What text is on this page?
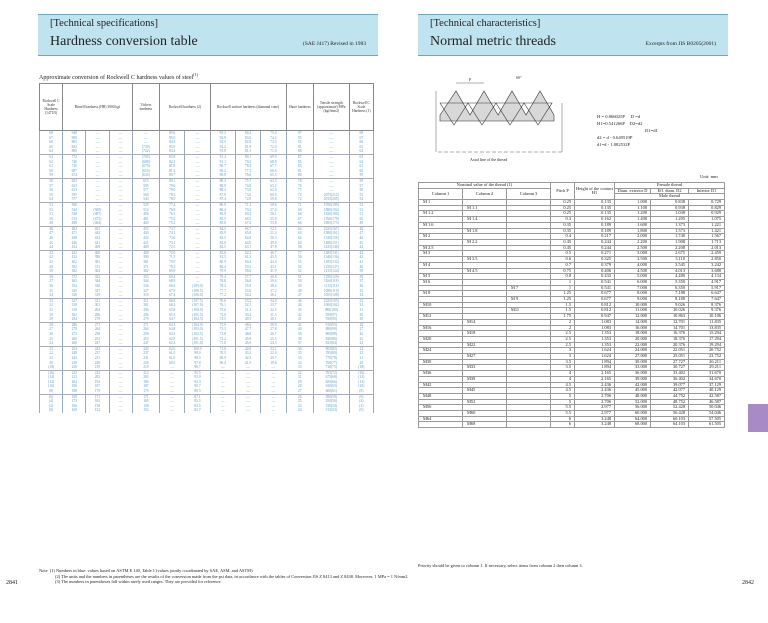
[Technical specifications]
Hardness conversion table	(SAE J417) Revised in 1983
Approximate conversion of Rockwell C hardness values of steel$^{(1)}$
Rockwell C Scale Hardness (1471N)	Brinell hardness (HB) 3000 kgf			Vickers hardness	Rockwell hardness (2)		Rockwell surface hardness (diamond cone)			Shore hardness	Tensile strength (approximate) MPa (kgf/mm2)	Rockwell C Scale Hardness (1)
68	940	—	—	—	85.6	—	93.2	84.4	75.4	97	—	68
67	900	—	—	—	85.0	—	92.9	83.6	74.2	95	—	67
66	865	—	—	—	84.5	—	92.5	82.8	73.3	92	—	66
65	832	—	—	(739)	83.9	—	92.2	81.9	72.0	91	—	65
64	800	—	—	(722)	83.4	—	91.8	81.1	71.0	88	—	64
63	772	—	—	(705)	82.8	—	91.4	80.1	69.9	87	—	63
62	746	—	—	(688)	82.3	—	91.1	79.3	68.8	85	—	62
61	720	—	—	(670)	81.8	—	90.7	78.4	67.7	83	—	61
60	697	—	—	(654)	81.2	—	90.2	77.5	66.6	81	—	60
59	674	—	—	(634)	80.7	—	89.8	76.6	65.5	80	—	59
58	653	—	—	615	80.1	—	89.3	75.7	64.3	78	—	58
57	633	—	—	595	79.6	—	88.9	74.8	63.2	76	—	57
56	613	—	—	577	79.0	—	88.3	73.9	62.0	75	—	56
55	595	—	—	560	78.5	—	87.9	73.0	60.9	74	2075(212)	55
54	577	—	—	543	78.0	—	87.4	72.0	59.8	72	2015(205)	54
53	560	—	—	525	77.4	—	86.9	71.2	58.6	71	1950(199)	53
52	544	(500)	—	512	76.8	—	86.4	70.2	57.4	69	1880(192)	52
51	528	(487)	—	496	76.3	—	85.9	69.4	56.1	68	1820(186)	51
50	513	(475)	—	481	75.9	—	85.5	68.5	55.0	67	1760(179)	50
49	498	(464)	—	469	75.2	—	85.0	67.6	53.8	66	1695(173)	49
48	484	451	—	455	74.7	—	84.5	66.7	52.5	64	1635(167)	48
47	471	442	—	443	74.1	—	83.9	65.8	51.4	63	1580(161)	47
46	458	432	—	432	73.6	—	83.5	64.8	50.3	62	1530(156)	46
45	446	421	—	421	73.1	—	83.0	64.0	49.0	60	1480(151)	45
44	434	409	—	409	72.5	—	82.5	63.1	47.8	58	1435(146)	44
43	423	400	—	400	72.0	—	82.0	62.2	46.7	57	1385(141)	43
42	412	390	—	390	71.5	—	81.5	61.3	45.5	56	1340(136)	42
41	402	381	—	381	70.9	—	80.9	60.4	44.3	55	1295(132)	41
40	392	371	—	371	70.4	—	80.4	59.5	43.1	54	1250(127)	40
39	382	362	—	362	69.9	—	79.9	58.6	41.9	52	1215(124)	39
38	372	353	—	353	69.4	—	79.4	57.7	40.8	51	1180(120)	38
37	363	344	—	344	68.9	—	78.8	56.8	39.6	50	1160(118)	37
36	354	336	—	336	68.4	(109.0)	78.3	55.9	38.4	49	1115(114)	36
35	345	327	—	327	67.9	(108.5)	77.7	55.0	37.2	48	1080(110)	35
34	336	319	—	319	67.4	(108.0)	77.2	54.2	36.1	47	1055(108)	34
33	327	311	—	311	66.8	(107.5)	76.6	53.3	34.9	46	1025(105)	33
32	318	301	—	301	66.3	(107.0)	76.1	52.1	33.7	44	1000(102)	32
31	310	294	—	294	65.8	(106.0)	75.6	51.3	32.5	43	980(100)	31
30	302	286	—	286	65.3	(105.5)	75.0	50.4	31.3	42	950(97)	30
29	294	279	—	279	64.7	(104.5)	74.5	49.5	30.1	41	930(95)	29
28	286	271	—	271	64.3	(104.0)	73.9	48.6	28.9	41	910(93)	28
27	279	264	—	264	63.8	(103.0)	73.3	47.7	27.8	40	880(90)	27
26	272	258	—	258	63.3	(102.5)	72.8	46.8	26.7	38	860(88)	26
25	266	253	—	253	62.8	(101.5)	72.2	45.9	25.5	38	840(86)	25
24	260	247	—	247	62.4	(101.0)	71.6	45.0	24.3	37	825(84)	24
23	254	243	—	243	62.0	100.0	71.0	44.0	23.1	36	805(82)	23
22	248	237	—	237	61.5	99.0	70.5	43.2	22.0	35	785(80)	22
21	243	231	—	231	61.0	98.5	69.9	42.3	20.7	35	770(79)	21
20	238	226	—	226	60.5	97.8	69.4	41.5	19.6	34	760(77)	20
(18)	230	219	—	219	—	96.7	—	—	—	33	730(75)	(18)
(16)	222	212	—	212	—	95.5	—	—	—	32	705(72)	(16)
(14)	213	203	—	203	—	93.9	—	—	—	31	675(69)	(14)
(12)	204	194	—	194	—	92.3	—	—	—	29	650(66)	(12)
(10)	196	187	—	187	—	90.7	—	—	—	28	620(63)	(10)
(8)	188	179	—	179	—	89.5	—	—	—	27	600(61)	(8)
(6)	180	171	—	171	—	87.1	—	—	—	26	580(59)	(6)
(4)	173	165	—	165	—	85.5	—	—	—	25	550(56)	(4)
(2)	166	158	—	158	—	83.5	—	—	—	24	530(54)	(2)
(0)	160	152	—	152	—	81.7	—	—	—	24	515(53)	(0)
Note (1) Numbers in blue: values based on ASTM E 140, Table 1 (values jointly coordinated by SAE, ASM, and ASTM)
(2) The units and the numbers in parentheses are the results of the conversion made from the psi data, in accordance with the tables of Conversion JIS Z 8413 and Z 8438. Moreover, 1 MPa = 1 N/mm2.
(3) The numbers in parentheses fall within rarely used ranges. They are provided for reference.
2841
[Technical characteristics]
Normal metric threads	Excerpts from JIS B0205(2001)
P	60°
Axial line of the thread
H = 0.866025P D =d
H1=0.541266P D2=d2
D1=d1
d2 = d - 0.649519P
d1=d - 1.082532P
Unit: mm
Nominal value of the thread (1)			Pitch P	Height of the contact H1	Female thread		
Column 1	Column 2	Column 3			Diam. exterior D	Eff. diam. D2	Interior D1
					Male thread		
M 1			0.25	0.135	1.000	0.838	0.729
	M 1.1		0.25	0.135	1.100	0.938	0.829
M 1.2			0.25	0.135	1.200	1.038	0.929
	M 1.4		0.3	0.162	1.400	1.205	1.075
M 1.6			0.35	0.189	1.600	1.373	1.221
	M 1.8		0.35	0.189	1.800	1.573	1.421
M 2			0.4	0.217	2.000	1.740	1.567
	M 2.2		0.45	0.244	2.200	1.908	1.713
M 2.5			0.45	0.244	2.500	2.208	2.013
M 3			0.5	0.271	3.000	2.675	2.459
	M 3.5		0.6	0.325	3.500	3.110	2.850
M 4			0.7	0.379	4.000	3.545	3.242
	M 4.5		0.75	0.406	4.500	4.013	3.688
M 5			0.8	0.433	5.000	4.480	4.134
M 6			1	0.541	6.000	5.350	4.917
		M 7	1	0.541	7.000	6.350	5.917
M 8			1.25	0.677	8.000	7.188	6.647
		M 9	1.25	0.677	9.000	8.188	7.647
M10			1.5	0.812	10.000	9.026	8.376
		M11	1.5	0.812	11.000	10.026	9.376
M12			1.75	0.947	12.000	10.863	10.106
	M14		2	1.083	14.000	12.701	11.835
M16			2	1.083	16.000	14.701	13.835
	M18		2.5	1.353	18.000	16.376	15.294
M20			2.5	1.353	20.000	18.376	17.294
	M22		2.5	1.353	22.000	20.376	19.294
M24			3	1.624	24.000	22.051	20.752
	M27		3	1.624	27.000	25.051	23.752
M30			3.5	1.894	30.000	27.727	26.211
	M33		3.5	1.894	33.000	30.727	29.211
M36			4	2.165	36.000	33.402	31.670
	M39		4	2.165	39.000	36.402	34.670
M42			4.5	2.436	42.000	39.077	37.129
	M45		4.5	2.436	45.000	42.077	40.129
M48			5	2.706	48.000	44.752	42.587
	M52		5	2.706	52.000	48.752	46.587
M56			5.5	2.977	56.000	52.428	50.046
	M60		5.5	2.977	60.000	56.428	54.046
M64			6	3.248	64.000	60.103	57.505
	M68		6	3.248	68.000	64.103	61.505
Priority should be given to column 1. If necessary, select items from column 2 then column 3.
2842
